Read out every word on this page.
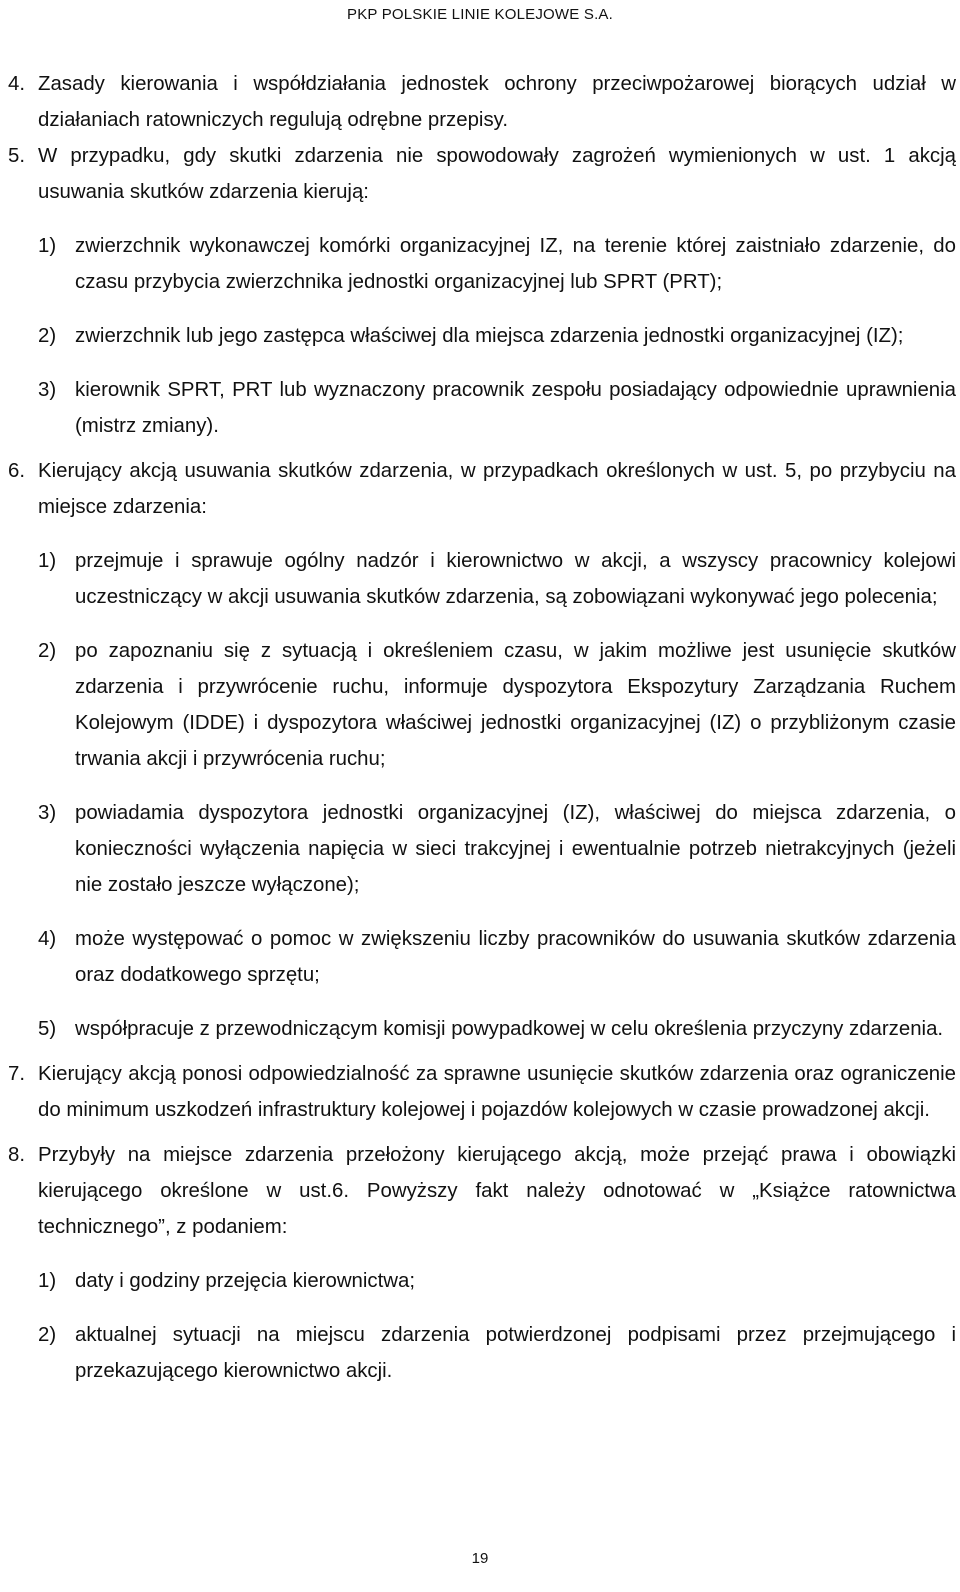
PKP POLSKIE LINIE KOLEJOWE S.A.
4. Zasady kierowania i współdziałania jednostek ochrony przeciwpożarowej biorących udział w działaniach ratowniczych regulują odrębne przepisy.
5. W przypadku, gdy skutki zdarzenia nie spowodowały zagrożeń wymienionych w ust. 1 akcją usuwania skutków zdarzenia kierują:
1) zwierzchnik wykonawczej komórki organizacyjnej IZ, na terenie której zaistniało zdarzenie, do czasu przybycia zwierzchnika jednostki organizacyjnej lub SPRT (PRT);
2) zwierzchnik lub jego zastępca właściwej dla miejsca zdarzenia jednostki organizacyjnej (IZ);
3) kierownik SPRT, PRT lub wyznaczony pracownik zespołu posiadający odpowiednie uprawnienia (mistrz zmiany).
6. Kierujący akcją usuwania skutków zdarzenia, w przypadkach określonych w ust. 5, po przybyciu na miejsce zdarzenia:
1) przejmuje i sprawuje ogólny nadzór i kierownictwo w akcji, a wszyscy pracownicy kolejowi uczestniczący w akcji usuwania skutków zdarzenia, są zobowiązani wykonywać jego polecenia;
2) po zapoznaniu się z sytuacją i określeniem czasu, w jakim możliwe jest usunięcie skutków zdarzenia i przywrócenie ruchu, informuje dyspozytora Ekspozytury Zarządzania Ruchem Kolejowym (IDDE) i dyspozytora właściwej jednostki organizacyjnej (IZ) o przybliżonym czasie trwania akcji i przywrócenia ruchu;
3) powiadamia dyspozytora jednostki organizacyjnej (IZ), właściwej do miejsca zdarzenia, o konieczności wyłączenia napięcia w sieci trakcyjnej i ewentualnie potrzeb nietrakcyjnych (jeżeli nie zostało jeszcze wyłączone);
4) może występować o pomoc w zwiększeniu liczby pracowników do usuwania skutków zdarzenia oraz dodatkowego sprzętu;
5) współpracuje z przewodniczącym komisji powypadkowej w celu określenia przyczyny zdarzenia.
7. Kierujący akcją ponosi odpowiedzialność za sprawne usunięcie skutków zdarzenia oraz ograniczenie do minimum uszkodzeń infrastruktury kolejowej i pojazdów kolejowych w czasie prowadzonej akcji.
8. Przybyły na miejsce zdarzenia przełożony kierującego akcją, może przejąć prawa i obowiązki kierującego określone w ust.6. Powyższy fakt należy odnotować w „Książce ratownictwa technicznego”, z podaniem:
1) daty i godziny przejęcia kierownictwa;
2) aktualnej sytuacji na miejscu zdarzenia potwierdzonej podpisami przez przejmującego i przekazującego kierownictwo akcji.
19
